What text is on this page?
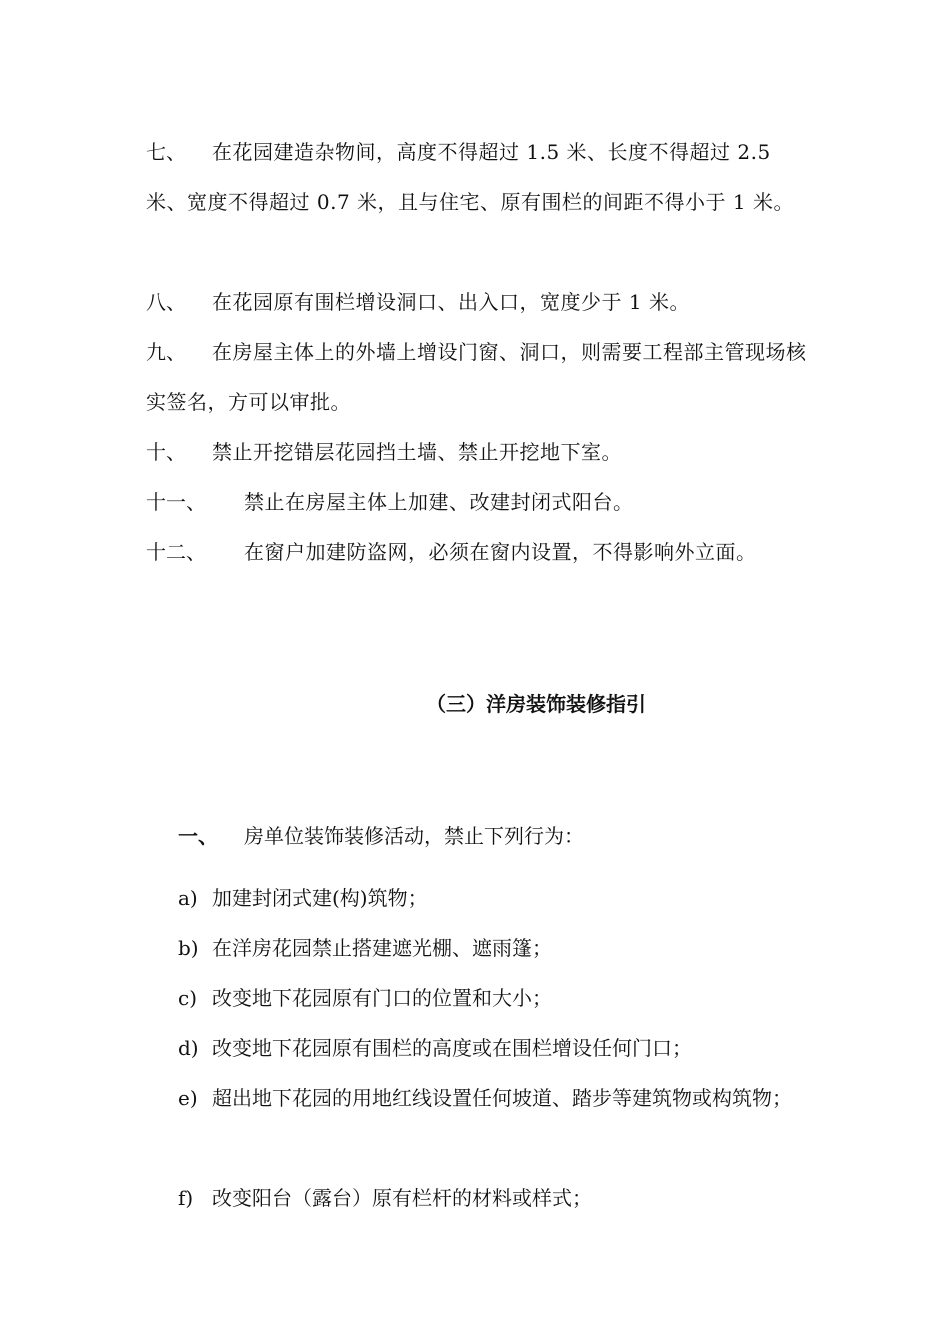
七、	在花园建造杂物间，高度不得超过 1.5 米、长度不得超过 2.5 米、宽度不得超过 0.7 米，且与住宅、原有围栏的间距不得小于 1 米。
八、	在花园原有围栏增设洞口、出入口，宽度少于 1 米。
九、	在房屋主体上的外墙上增设门窗、洞口，则需要工程部主管现场核实签名，方可以审批。
十、	禁止开挖错层花园挡土墙、禁止开挖地下室。
十一、	禁止在房屋主体上加建、改建封闭式阳台。
十二、	在窗户加建防盗网，必须在窗内设置，不得影响外立面。
（三）洋房装饰装修指引
一、 房单位装饰装修活动，禁止下列行为：
a) 加建封闭式建(构)筑物；
b) 在洋房花园禁止搭建遮光棚、遮雨篷；
c) 改变地下花园原有门口的位置和大小；
d) 改变地下花园原有围栏的高度或在围栏增设任何门口；
e) 超出地下花园的用地红线设置任何坡道、踏步等建筑物或构筑物；
f) 改变阳台（露台）原有栏杆的材料或样式；
